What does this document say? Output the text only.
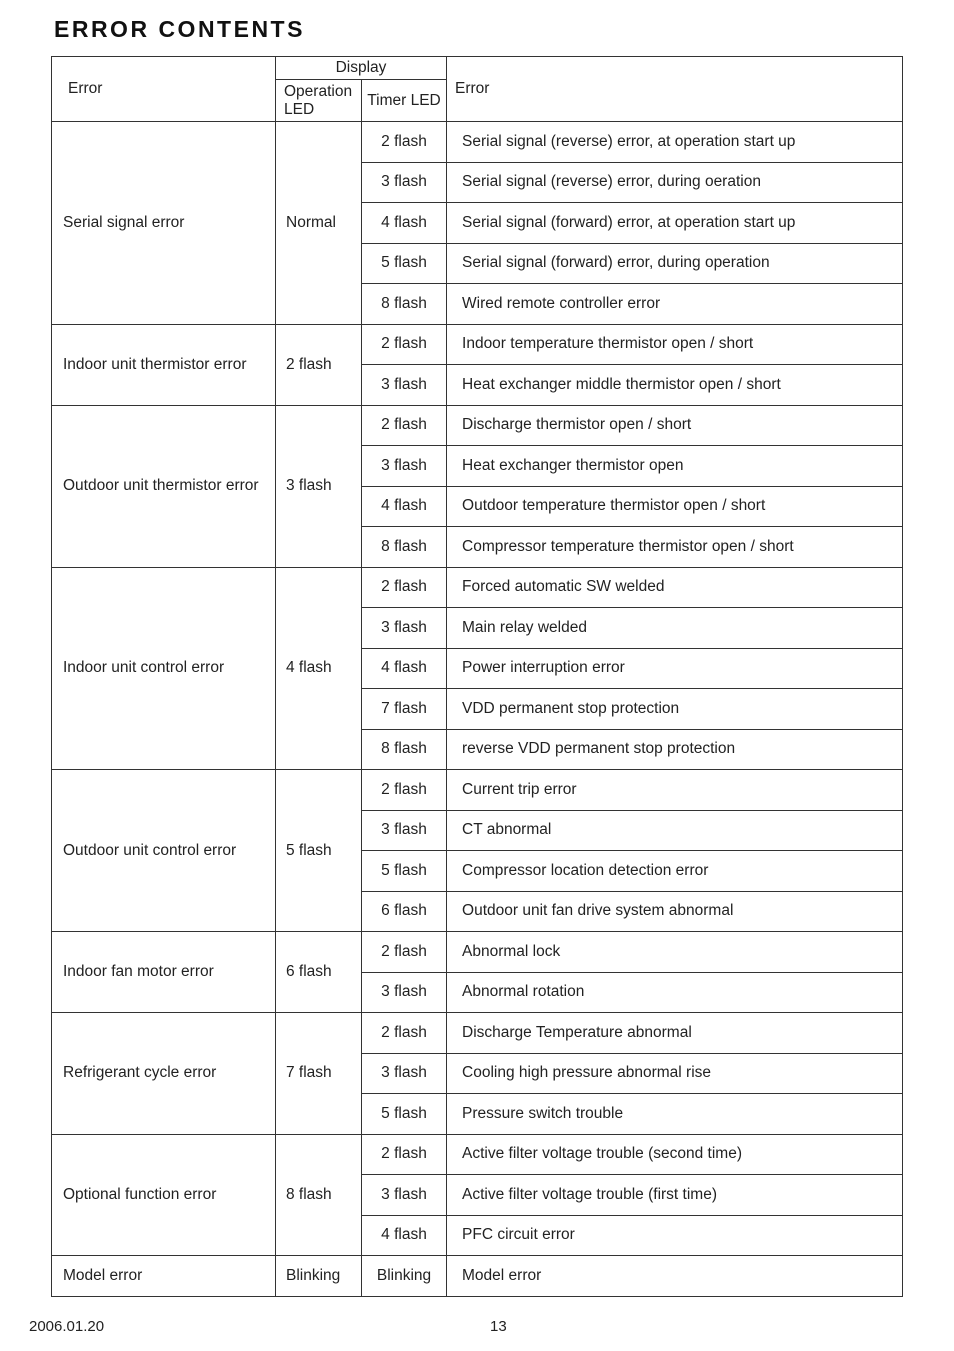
ERROR CONTENTS
Error	Display		Error
	Operation LED	Timer LED	
Serial signal error	Normal	2 flash	Serial signal (reverse) error, at operation start up
		3 flash	Serial signal (reverse) error, during oeration
		4 flash	Serial signal (forward) error, at operation start up
		5 flash	Serial signal (forward) error, during operation
		8 flash	Wired remote controller error
Indoor unit thermistor error	2 flash	2 flash	Indoor temperature thermistor open / short
		3 flash	Heat exchanger middle thermistor open / short
Outdoor unit thermistor error	3 flash	2 flash	Discharge thermistor open / short
		3 flash	Heat exchanger thermistor open
		4 flash	Outdoor temperature thermistor open / short
		8 flash	Compressor temperature thermistor open / short
Indoor unit control error	4 flash	2 flash	Forced automatic SW welded
		3 flash	Main relay welded
		4 flash	Power interruption error
		7 flash	VDD permanent stop protection
		8 flash	reverse VDD permanent stop protection
Outdoor unit control error	5 flash	2 flash	Current trip error
		3 flash	CT abnormal
		5 flash	Compressor location detection error
		6 flash	Outdoor unit fan drive system abnormal
Indoor fan motor error	6 flash	2 flash	Abnormal lock
		3 flash	Abnormal rotation
Refrigerant cycle error	7 flash	2 flash	Discharge Temperature abnormal
		3 flash	Cooling high pressure abnormal rise
		5 flash	Pressure switch trouble
Optional function error	8 flash	2 flash	Active filter voltage trouble (second time)
		3 flash	Active filter voltage trouble (first time)
		4 flash	PFC circuit error
Model error	Blinking	Blinking	Model error
2006.01.20	13
